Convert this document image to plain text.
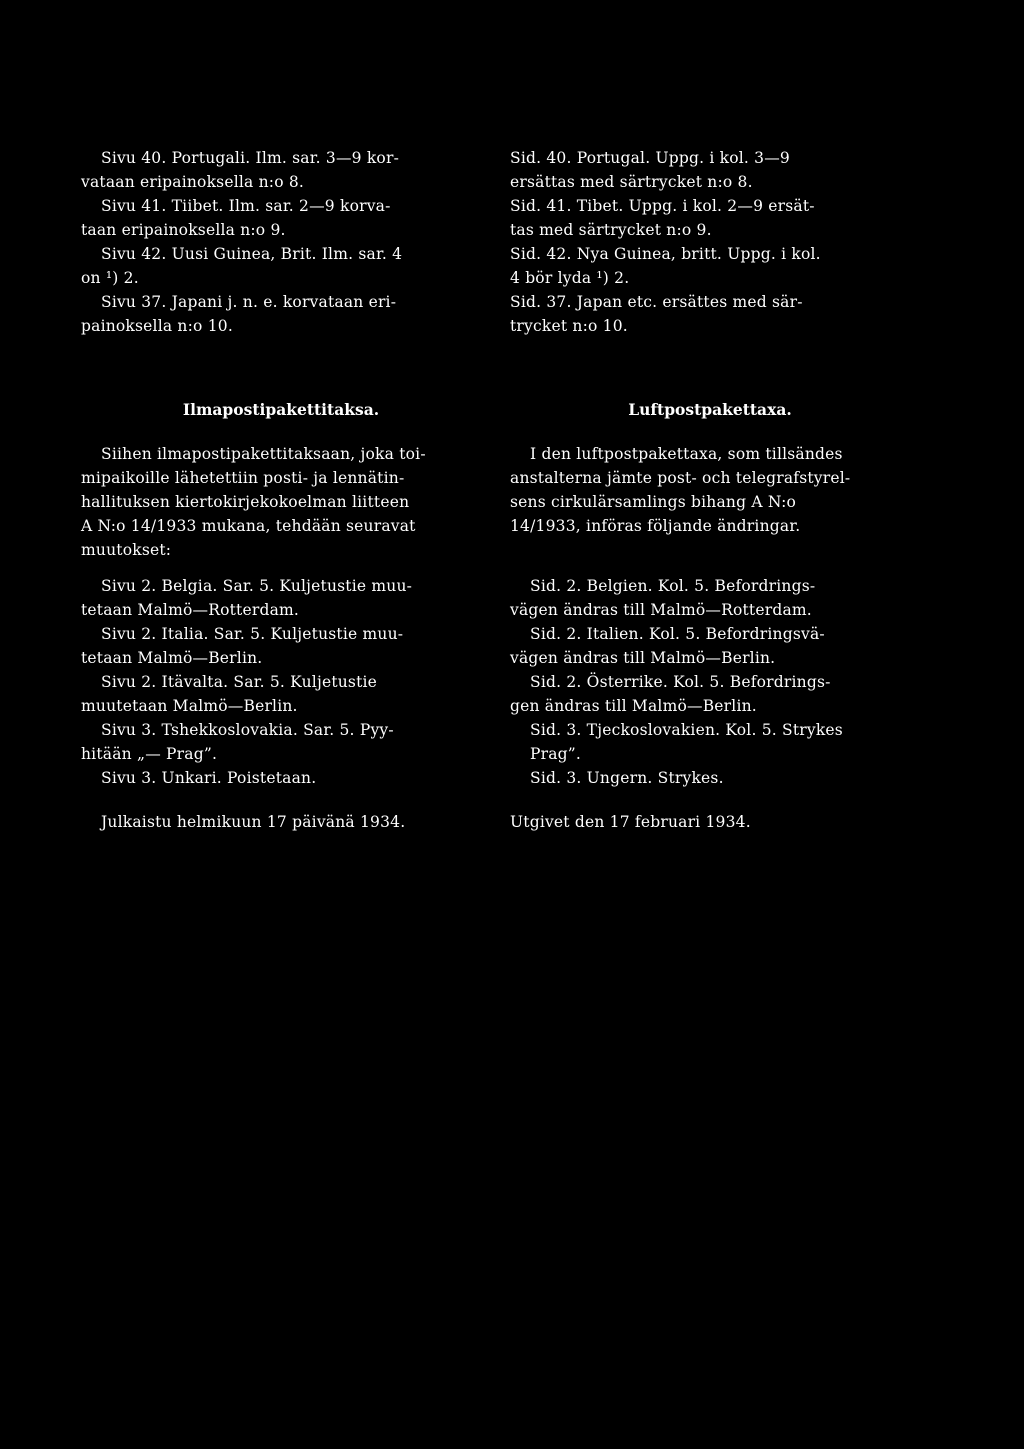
Sivu 40. Portugali. Ilm. sar. 3—9 kor-
vataan eripainoksella n:o 8.
Sivu 41. Tiibet. Ilm. sar. 2—9 korva-
taan eripainoksella n:o 9.
Sivu 42. Uusi Guinea, Brit. Ilm. sar. 4
on ¹) 2.
Sivu 37. Japani j. n. e. korvataan eri-
painoksella n:o 10.
Ilmapostipakettitaksa.
Siihen ilmapostipakettitaksaan, joka toi-
mipaikoille lähetettiin posti- ja lennätin-
hallituksen kiertokirjekokoelman liitteen
A N:o 14/1933 mukana, tehdään seuravat
muutokset:
Sivu 2. Belgia. Sar. 5. Kuljetustie muu-
tetaan Malmö—Rotterdam.
Sivu 2. Italia. Sar. 5. Kuljetustie muu-
tetaan Malmö—Berlin.
Sivu 2. Itävalta. Sar. 5. Kuljetustie
muutetaan Malmö—Berlin.
Sivu 3. Tshekkoslovakia. Sar. 5. Pyy-
hitään „— Prag”.
Sivu 3. Unkari. Poistetaan.
Julkaistu helmikuun 17 päivänä 1934.
Sid. 40. Portugal. Uppg. i kol. 3—9
ersättas med särtrycket n:o 8.
Sid. 41. Tibet. Uppg. i kol. 2—9 ersät-
tas med särtrycket n:o 9.
Sid. 42. Nya Guinea, britt. Uppg. i kol.
4 bör lyda ¹) 2.
Sid. 37. Japan etc. ersättes med sär-
trycket n:o 10.
Luftpostpakettaxa.
I den luftpostpakettaxa, som tillsändes
anstalterna jämte post- och telegrafstyrel-
sens cirkulärsamlings bihang A N:o
14/1933, införas följande ändringar.
Sid. 2. Belgien. Kol. 5. Befordrings-
vägen ändras till Malmö—Rotterdam.
Sid. 2. Italien. Kol. 5. Befordringsvä-
vägen ändras till Malmö—Berlin.
Sid. 2. Österrike. Kol. 5. Befordrings-
gen ändras till Malmö—Berlin.
Sid. 3. Tjeckoslovakien. Kol. 5. Strykes
Prag”.
Sid. 3. Ungern. Strykes.
Utgivet den 17 februari 1934.
